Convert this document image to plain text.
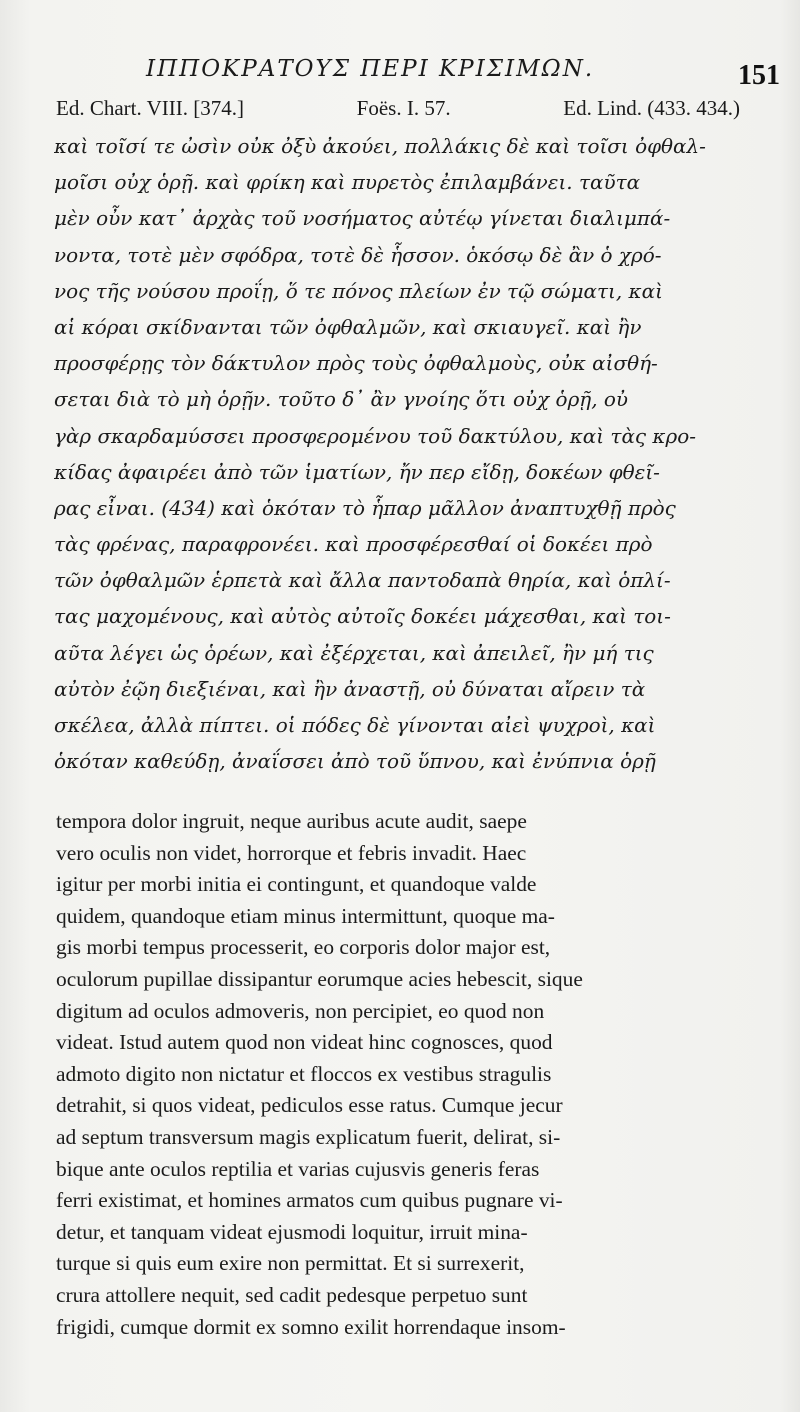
ΙΠΠΟΚΡΑΤΟΥΣ ΠΕΡΙ ΚΡΙΣΙΜΩΝ.	151
Ed. Chart. VIII. [374.]	Foës. I. 57.	Ed. Lind. (433. 434.)
καὶ τοῖσί τε ὠσὶν οὐκ ὀξὺ ἀκούει, πολλάκις δὲ καὶ τοῖσι ὀφθαλ-
μοῖσι οὐχ ὁρῇ. καὶ φρίκη καὶ πυρετὸς ἐπιλαμβάνει. ταῦτα
μὲν οὖν κατ᾽ ἀρχὰς τοῦ νοσήματος αὐτέῳ γίνεται διαλιμπά-
νοντα, τοτὲ μὲν σφόδρα, τοτὲ δὲ ἧσσον. ὁκόσῳ δὲ ἂν ὁ χρό-
νος τῆς νούσου προΐῃ, ὅ τε πόνος πλείων ἐν τῷ σώματι, καὶ
αἱ κόραι σκίδνανται τῶν ὀφθαλμῶν, καὶ σκιαυγεῖ. καὶ ἢν
προσφέρῃς τὸν δάκτυλον πρὸς τοὺς ὀφθαλμοὺς, οὐκ αἰσθή-
σεται διὰ τὸ μὴ ὁρῇν. τοῦτο δ᾽ ἂν γνοίης ὅτι οὐχ ὁρῇ, οὐ
γὰρ σκαρδαμύσσει προσφερομένου τοῦ δακτύλου, καὶ τὰς κρο-
κίδας ἀφαιρέει ἀπὸ τῶν ἱματίων, ἤν περ εἴδῃ, δοκέων φθεῖ-
ρας εἶναι. (434) καὶ ὁκόταν τὸ ἧπαρ μᾶλλον ἀναπτυχθῇ πρὸς
τὰς φρένας, παραφρονέει. καὶ προσφέρεσθαί οἱ δοκέει πρὸ
τῶν ὀφθαλμῶν ἑρπετὰ καὶ ἄλλα παντοδαπὰ θηρία, καὶ ὁπλί-
τας μαχομένους, καὶ αὐτὸς αὐτοῖς δοκέει μάχεσθαι, καὶ τοι-
αῦτα λέγει ὡς ὁρέων, καὶ ἐξέρχεται, καὶ ἀπειλεῖ, ἢν μή τις
αὐτὸν ἐῷη διεξιέναι, καὶ ἢν ἀναστῇ, οὐ δύναται αἴρειν τὰ
σκέλεα, ἀλλὰ πίπτει. οἱ πόδες δὲ γίνονται αἰεὶ ψυχροὶ, καὶ
ὁκόταν καθεύδῃ, ἀναΐσσει ἀπὸ τοῦ ὕπνου, καὶ ἐνύπνια ὁρῇ
tempora dolor ingruit, neque auribus acute audit, saepe
vero oculis non videt, horrorque et febris invadit. Haec
igitur per morbi initia ei contingunt, et quandoque valde
quidem, quandoque etiam minus intermittunt, quoque ma-
gis morbi tempus processerit, eo corporis dolor major est,
oculorum pupillae dissipantur eorumque acies hebescit, sique
digitum ad oculos admoveris, non percipiet, eo quod non
videat. Istud autem quod non videat hinc cognosces, quod
admoto digito non nictatur et floccos ex vestibus stragulis
detrahit, si quos videat, pediculos esse ratus. Cumque jecur
ad septum transversum magis explicatum fuerit, delirat, si-
bique ante oculos reptilia et varias cujusvis generis feras
ferri existimat, et homines armatos cum quibus pugnare vi-
detur, et tanquam videat ejusmodi loquitur, irruit mina-
turque si quis eum exire non permittat. Et si surrexerit,
crura attollere nequit, sed cadit pedesque perpetuo sunt
frigidi, cumque dormit ex somno exilit horrendaque insom-
